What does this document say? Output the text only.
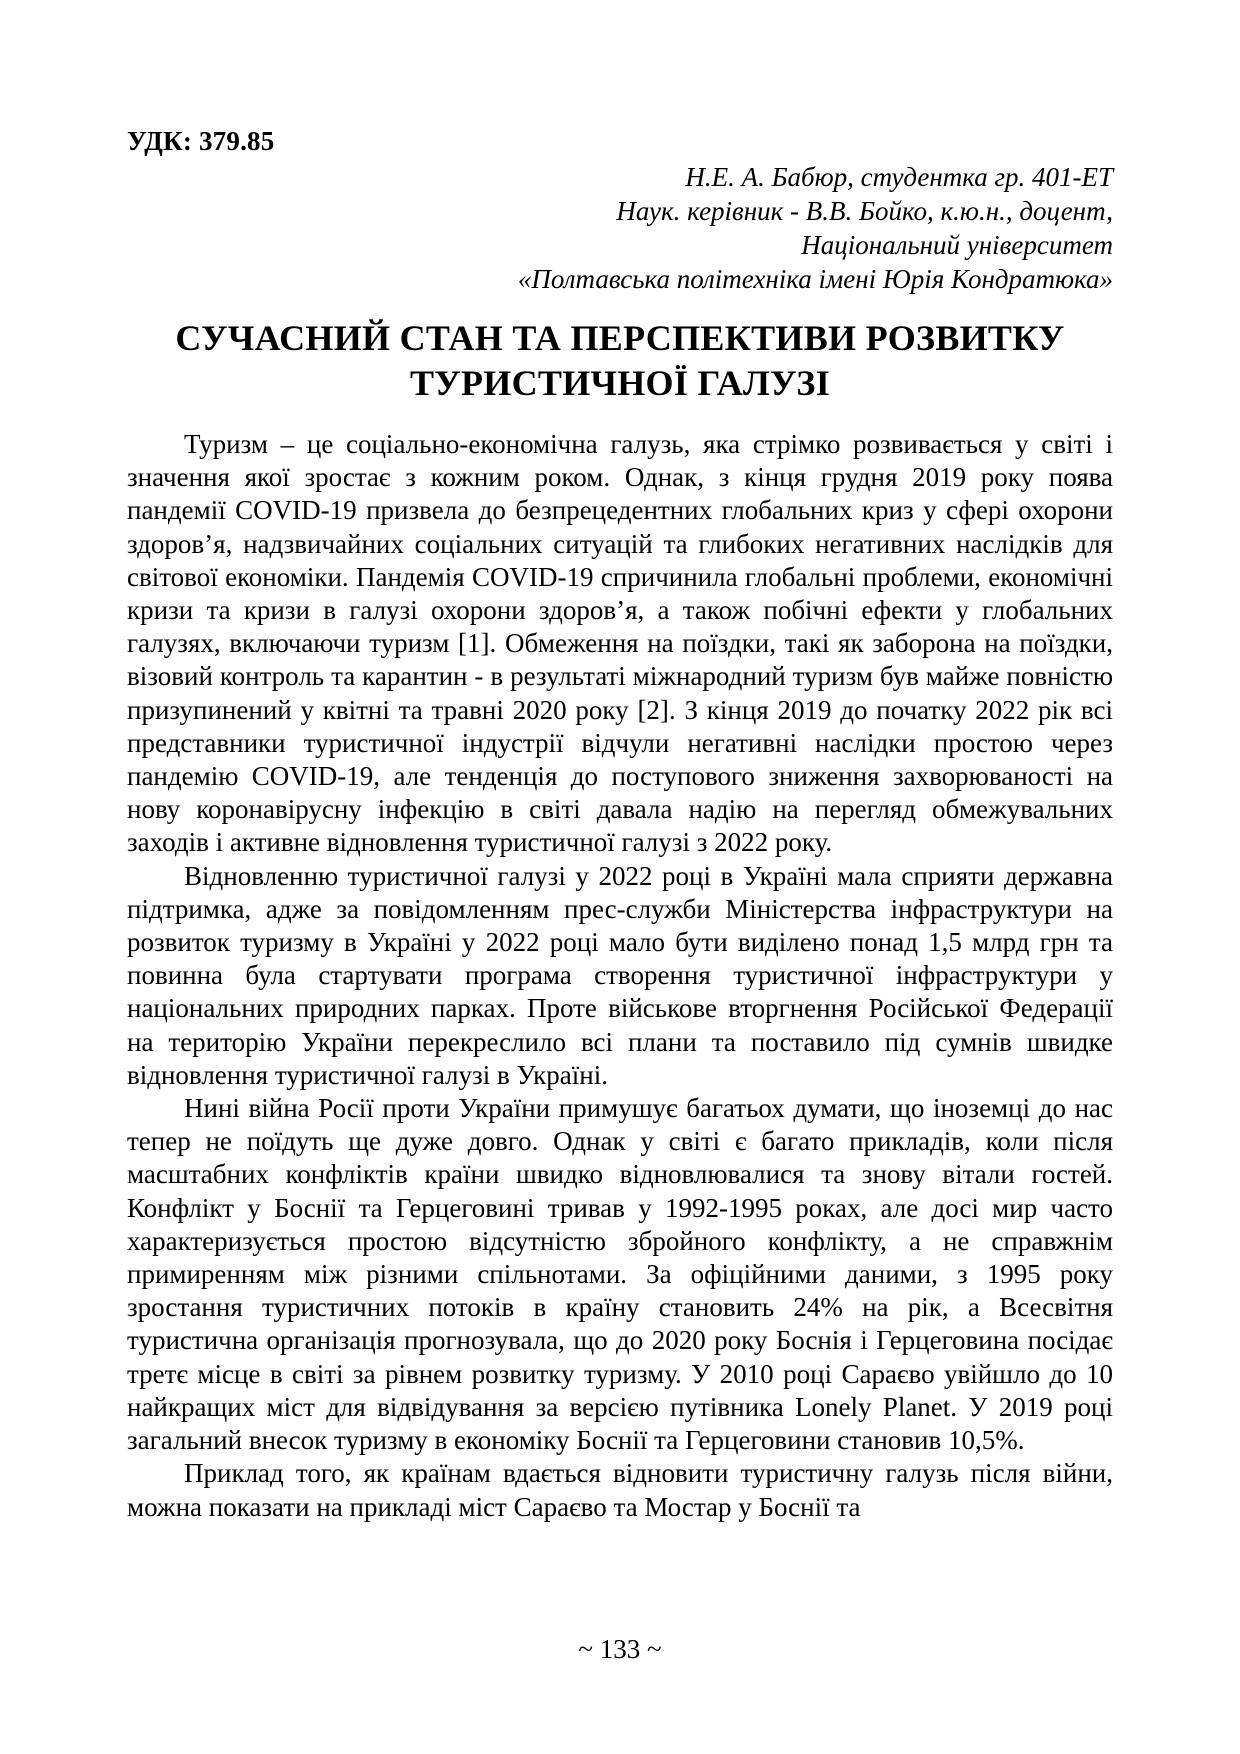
УДК: 379.85
Н.Е. А. Бабюр, студентка гр. 401-ЕТ
Наук. керівник - В.В. Бойко, к.ю.н., доцент,
Національний університет
«Полтавська політехніка імені Юрія Кондратюка»
СУЧАСНИЙ СТАН ТА ПЕРСПЕКТИВИ РОЗВИТКУ
ТУРИСТИЧНОЇ ГАЛУЗІ

Туризм – це соціально-економічна галузь, яка стрімко розвивається у світі і значення якої зростає з кожним роком. Однак, з кінця грудня 2019 року поява пандемії COVID-19 призвела до безпрецедентних глобальних криз у сфері охорони здоров’я, надзвичайних соціальних ситуацій та глибоких негативних наслідків для світової економіки. Пандемія COVID-19 спричинила глобальні проблеми, економічні кризи та кризи в галузі охорони здоров’я, а також побічні ефекти у глобальних галузях, включаючи туризм [1]. Обмеження на поїздки, такі як заборона на поїздки, візовий контроль та карантин - в результаті міжнародний туризм був майже повністю призупинений у квітні та травні 2020 року [2]. З кінця 2019 до початку 2022 рік всі представники туристичної індустрії відчули негативні наслідки простою через пандемію COVID-19, але тенденція до поступового зниження захворюваності на нову коронавірусну інфекцію в світі давала надію на перегляд обмежувальних заходів і активне відновлення туристичної галузі з 2022 року.

Відновленню туристичної галузі у 2022 році в Україні мала сприяти державна підтримка, адже за повідомленням прес-служби Міністерства інфраструктури на розвиток туризму в Україні у 2022 році мало бути виділено понад 1,5 млрд грн та повинна була стартувати програма створення туристичної інфраструктури у національних природних парках. Проте військове вторгнення Російської Федерації на територію України перекреслило всі плани та поставило під сумнів швидке відновлення туристичної галузі в Україні.

Нині війна Росії проти України примушує багатьох думати, що іноземці до нас тепер не поїдуть ще дуже довго. Однак у світі є багато прикладів, коли після масштабних конфліктів країни швидко відновлювалися та знову вітали гостей. Конфлікт у Боснії та Герцеговині тривав у 1992-1995 роках, але досі мир часто характеризується простою відсутністю збройного конфлікту, а не справжнім примиренням між різними спільнотами. За офіційними даними, з 1995 року зростання туристичних потоків в країну становить 24% на рік, а Всесвітня туристична організація прогнозувала, що до 2020 року Боснія і Герцеговина посідає третє місце в світі за рівнем розвитку туризму. У 2010 році Сараєво увійшло до 10 найкращих міст для відвідування за версією путівника Lonely Planet. У 2019 році загальний внесок туризму в економіку Боснії та Герцеговини становив 10,5%.

Приклад того, як країнам вдається відновити туристичну галузь після війни, можна показати на прикладі міст Сараєво та Мостар у Боснії та

~ 133 ~
